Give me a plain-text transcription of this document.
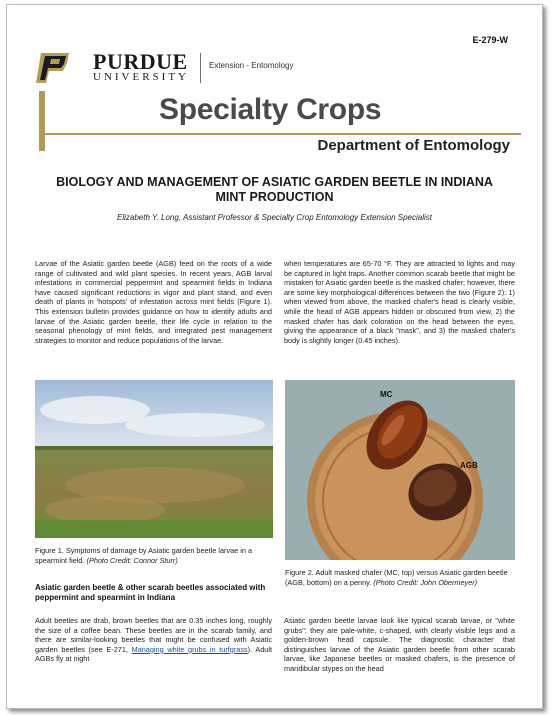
E-279-W
PURDUE
UNIVERSITY
Extension - Entomology
Specialty Crops
Department of Entomology
BIOLOGY AND MANAGEMENT OF ASIATIC GARDEN BEETLE IN INDIANA MINT PRODUCTION
Elizabeth Y. Long, Assistant Professor & Specialty Crop Entomology Extension Specialist

Larvae of the Asiatic garden beetle (AGB) feed on the roots of a wide range of cultivated and wild plant species. In recent years, AGB larval infestations in commercial peppermint and spearmint fields in Indiana have caused significant reductions in vigor and plant stand, and even death of plants in 'hotspots' of infestation across mint fields (Figure 1). This extension bulletin provides guidance on how to identify adults and larvae of the Asiatic garden beetle, their life cycle in relation to the seasonal phenology of mint fields, and integrated pest management strategies to monitor and reduce populations of the larvae.

Figure 1. Symptoms of damage by Asiatic garden beetle larvae in a spearmint field. (Photo Credit: Connor Sturr)

Asiatic garden beetle & other scarab beetles associated with peppermint and spearmint in Indiana

Adult beetles are drab, brown beetles that are 0.35 inches long, roughly the size of a coffee bean. These beetles are in the scarab family, and there are similar-looking beetles that might be confused with Asiatic garden beetles (see E-271, Managing white grubs in turfgrass). Adult AGBs fly at night

when temperatures are 65-70 °F. They are attracted to lights and may be captured in light traps. Another common scarab beetle that might be mistaken for Asiatic garden beetle is the masked chafer; however, there are some key morphological differences between the two (Figure 2): 1) when viewed from above, the masked chafer's head is clearly visible, while the head of AGB appears hidden or obscured from view, 2) the masked chafer has dark coloration on the head between the eyes, giving the appearance of a black "mask", and 3) the masked chafer's body is slightly longer (0.45 inches).

MC
AGB

Figure 2. Adult masked chafer (MC, top) versus Asiatic garden beetle (AGB, bottom) on a penny. (Photo Credit: John Obermeyer)

Asiatic garden beetle larvae look like typical scarab larvae, or "white grubs"; they are pale-white, c-shaped, with clearly visible legs and a golden-brown head capsule. The diagnostic character that distinguishes larvae of the Asiatic garden beetle from other scarab larvae, like Japanese beetles or masked chafers, is the presence of mandibular stypes on the head
